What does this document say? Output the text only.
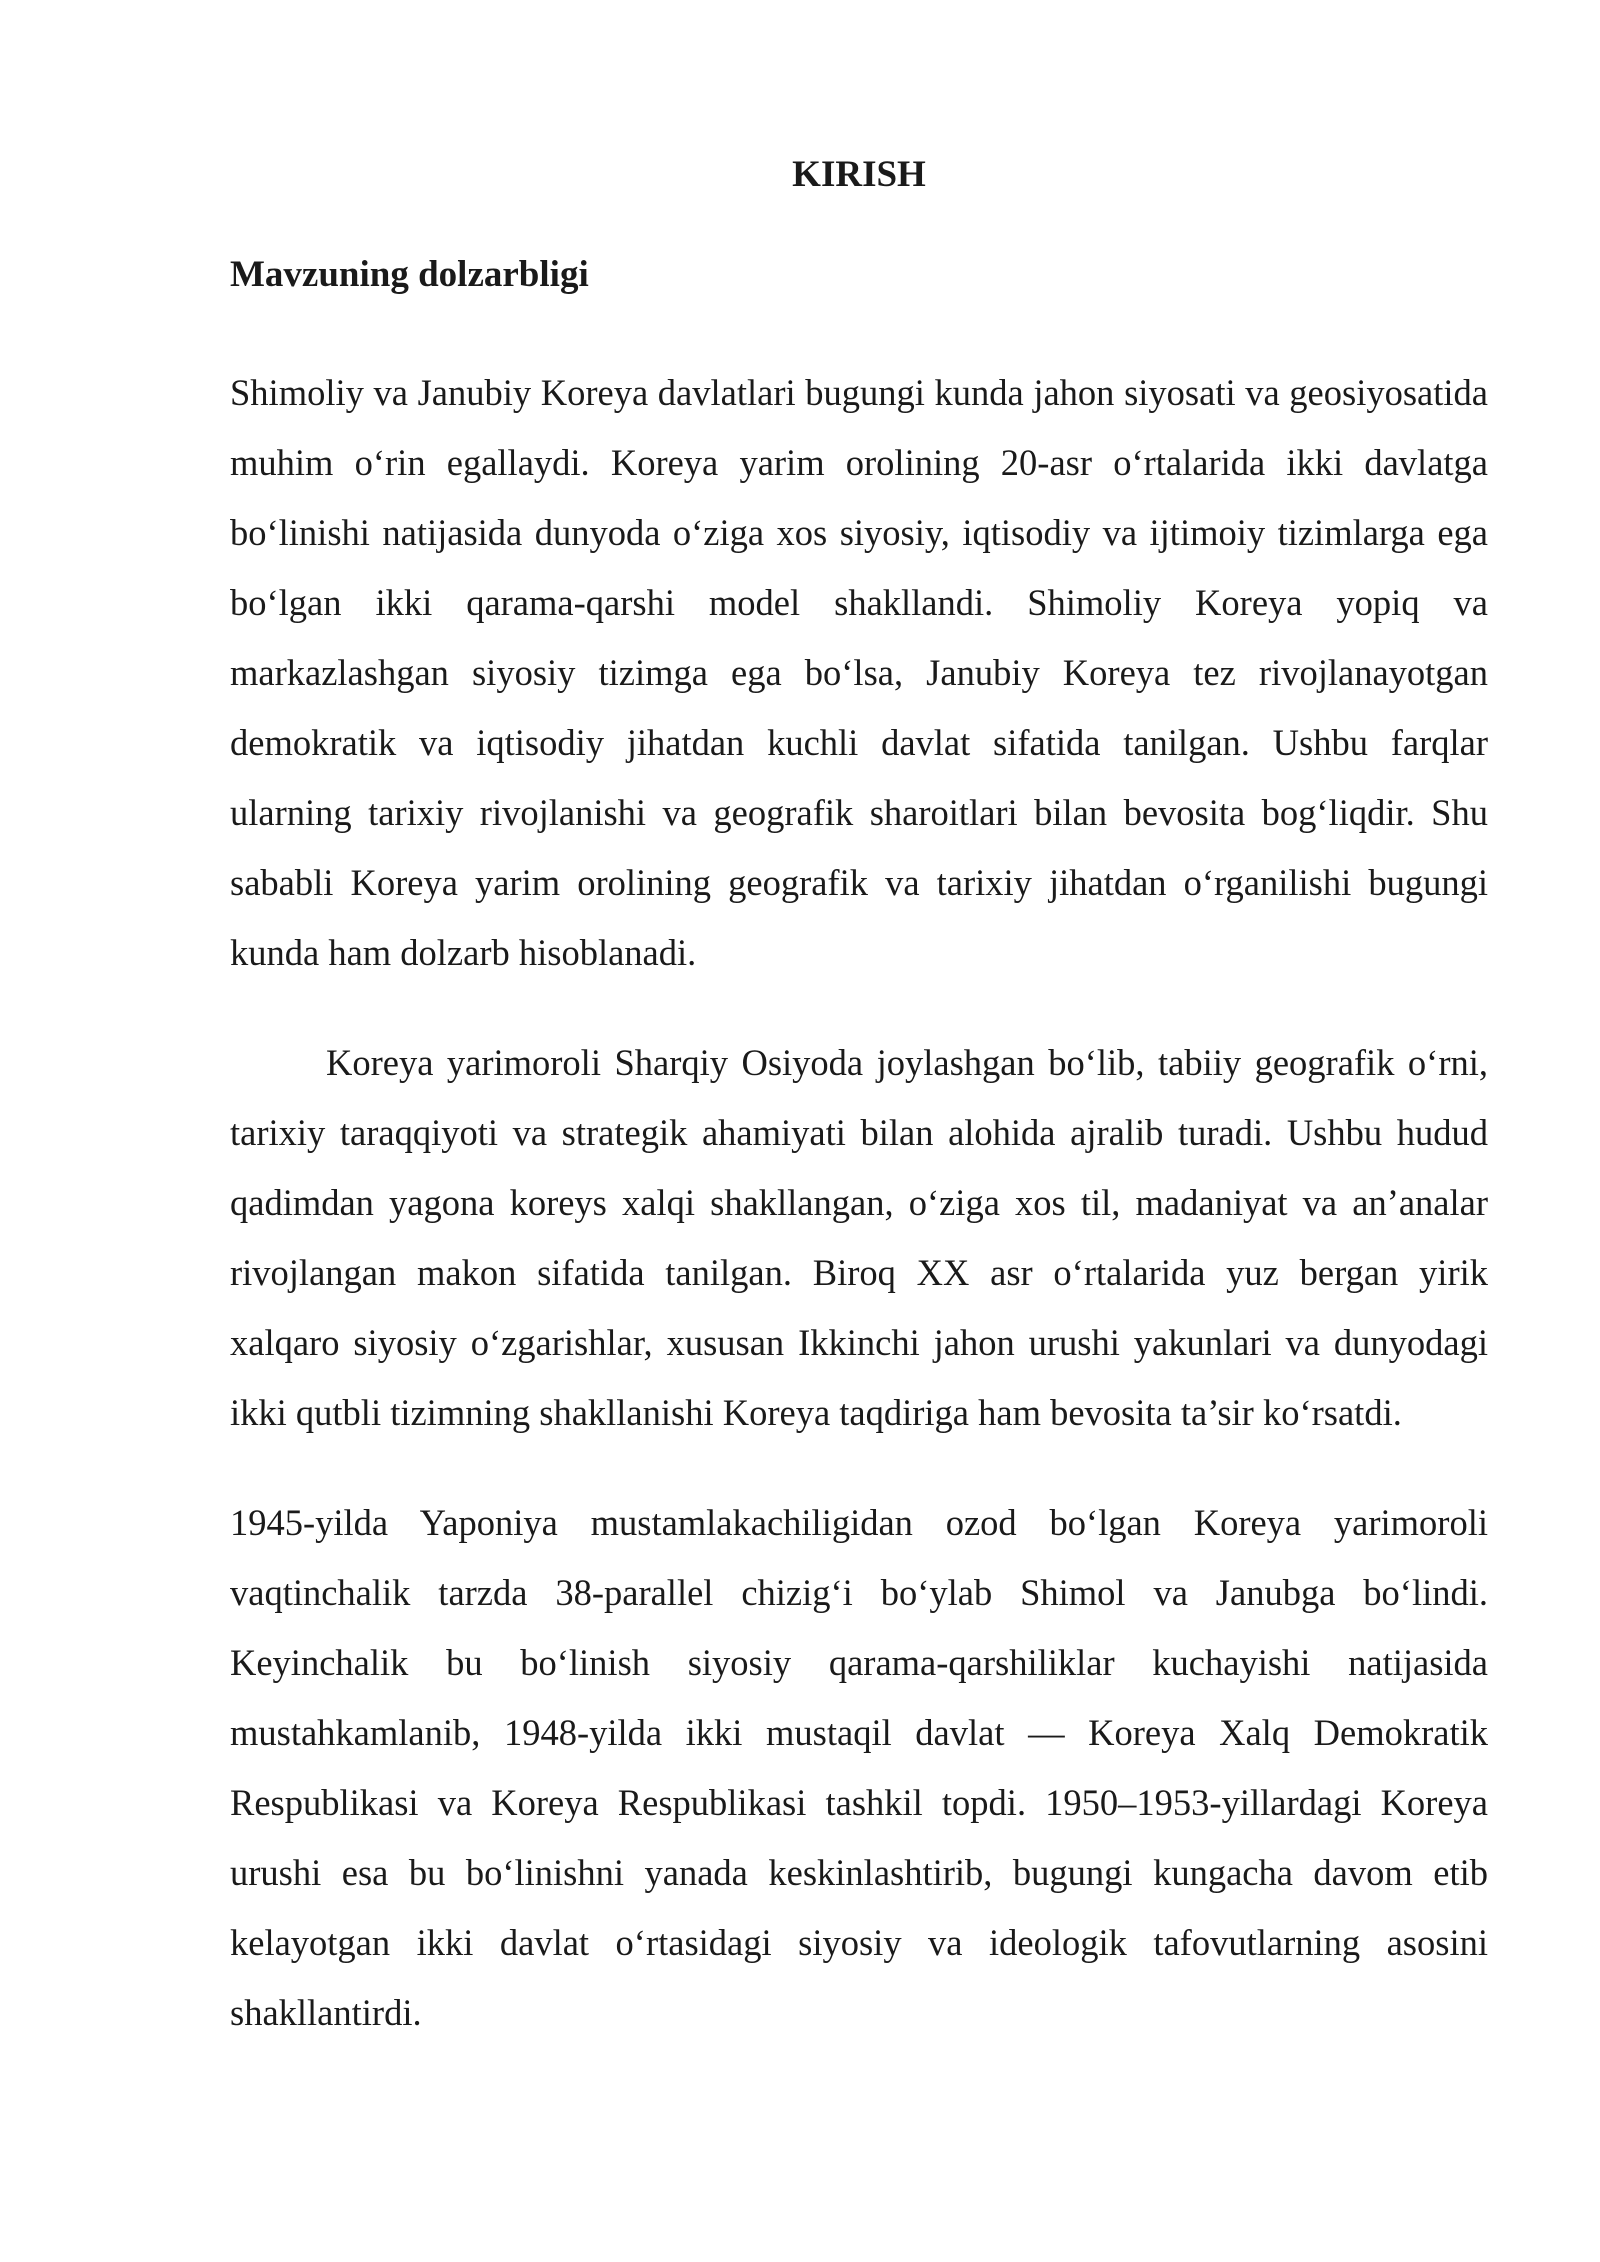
KIRISH
Mavzuning dolzarbligi

Shimoliy va Janubiy Koreya davlatlari bugungi kunda jahon siyosati va geosiyosatida muhim oʻrin egallaydi. Koreya yarim orolining 20-asr oʻrtalarida ikki davlatga boʻlinishi natijasida dunyoda oʻziga xos siyosiy, iqtisodiy va ijtimoiy tizimlarga ega boʻlgan ikki qarama-qarshi model shakllandi. Shimoliy Koreya yopiq va markazlashgan siyosiy tizimga ega boʻlsa, Janubiy Koreya tez rivojlanayotgan demokratik va iqtisodiy jihatdan kuchli davlat sifatida tanilgan. Ushbu farqlar ularning tarixiy rivojlanishi va geografik sharoitlari bilan bevosita bogʻliqdir. Shu sababli Koreya yarim orolining geografik va tarixiy jihatdan oʻrganilishi bugungi kunda ham dolzarb hisoblanadi.

Koreya yarimoroli Sharqiy Osiyoda joylashgan boʻlib, tabiiy geografik oʻrni, tarixiy taraqqiyoti va strategik ahamiyati bilan alohida ajralib turadi. Ushbu hudud qadimdan yagona koreys xalqi shakllangan, oʻziga xos til, madaniyat va an’analar rivojlangan makon sifatida tanilgan. Biroq XX asr oʻrtalarida yuz bergan yirik xalqaro siyosiy oʻzgarishlar, xususan Ikkinchi jahon urushi yakunlari va dunyodagi ikki qutbli tizimning shakllanishi Koreya taqdiriga ham bevosita ta’sir koʻrsatdi.

1945-yilda Yaponiya mustamlakachiligidan ozod boʻlgan Koreya yarimoroli vaqtinchalik tarzda 38-parallel chizigʻi boʻylab Shimol va Janubga boʻlindi. Keyinchalik bu boʻlinish siyosiy qarama-qarshiliklar kuchayishi natijasida mustahkamlanib, 1948-yilda ikki mustaqil davlat — Koreya Xalq Demokratik Respublikasi va Koreya Respublikasi tashkil topdi. 1950–1953-yillardagi Koreya urushi esa bu boʻlinishni yanada keskinlashtirib, bugungi kungacha davom etib kelayotgan ikki davlat oʻrtasidagi siyosiy va ideologik tafovutlarning asosini shakllantirdi.
